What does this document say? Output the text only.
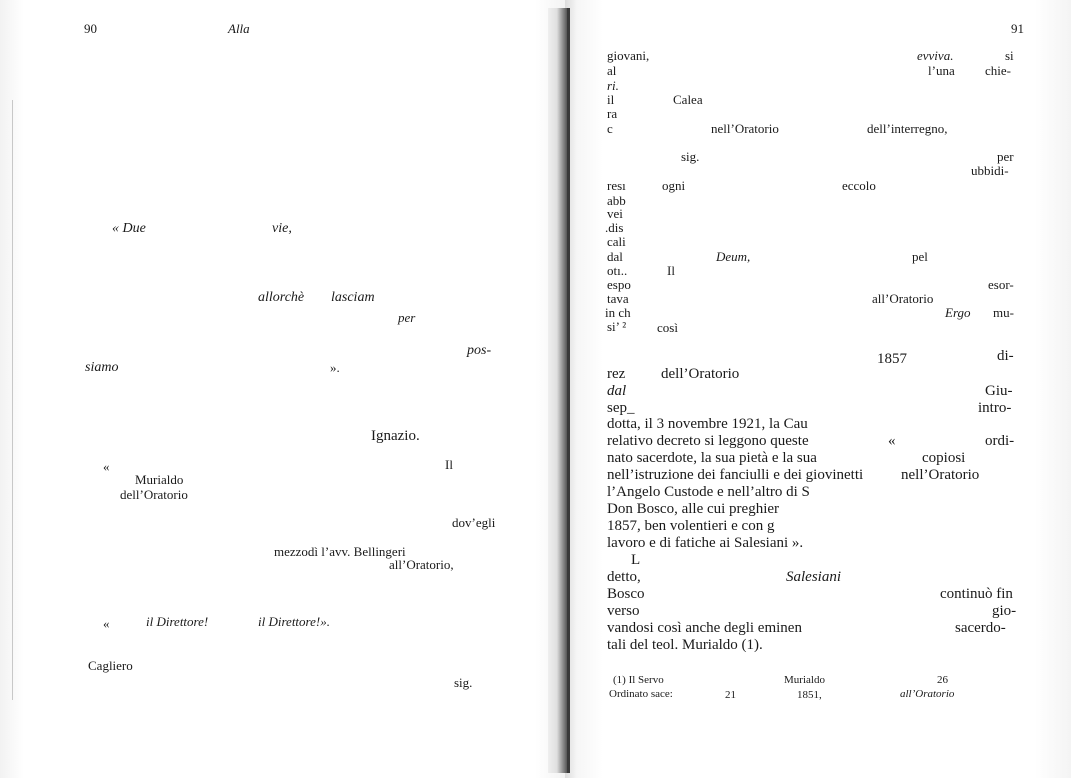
90	Alla
« Due	vie,
allorchè lasciam
per
pos-
siamo	».
Ignazio.
«	Il
Murialdo
dell’Oratorio
dov’egli
mezzodì l’avv. Bellingeri
all’Oratorio,
«	il Direttore!	il Direttore!».
Cagliero
sig.
91
giovani,	evviva.	si
al	l’una chie-
ri.
il	Calea
ra
c	nell’Oratorio	dell’interregno,
sig.	per
ubbidi-
resı	ogni	eccolo
abb
vei
.dis
cali
dal	Deum,	pel
otı..	Il
espo	esor-
tava	all’Oratorio
in ch	Ergo mu-
si’ ² così
1857	di-
rez dell’Oratorio
dal	Giu-
sep_	intro-
dotta, il 3 novembre 1921, la Cau
relativo decreto si leggono queste	«	ordi-
nato sacerdote, la sua pietà e la sua	copiosi
nell’istruzione dei fanciulli e dei giovinetti	nell’Oratorio
l’Angelo Custode e nell’altro di S
Don Bosco, alle cui preghier
1857, ben volentieri e con g
lavoro e di fatiche ai Salesiani ».
L
detto,	Salesiani
Bosco	continuò fin
verso	gio-
vandosi così anche degli eminen	sacerdo-
tali del teol. Murialdo (1).
(1) Il Servo	Murialdo	26
Ordinato sace:	21	1851,	all’Oratorio
